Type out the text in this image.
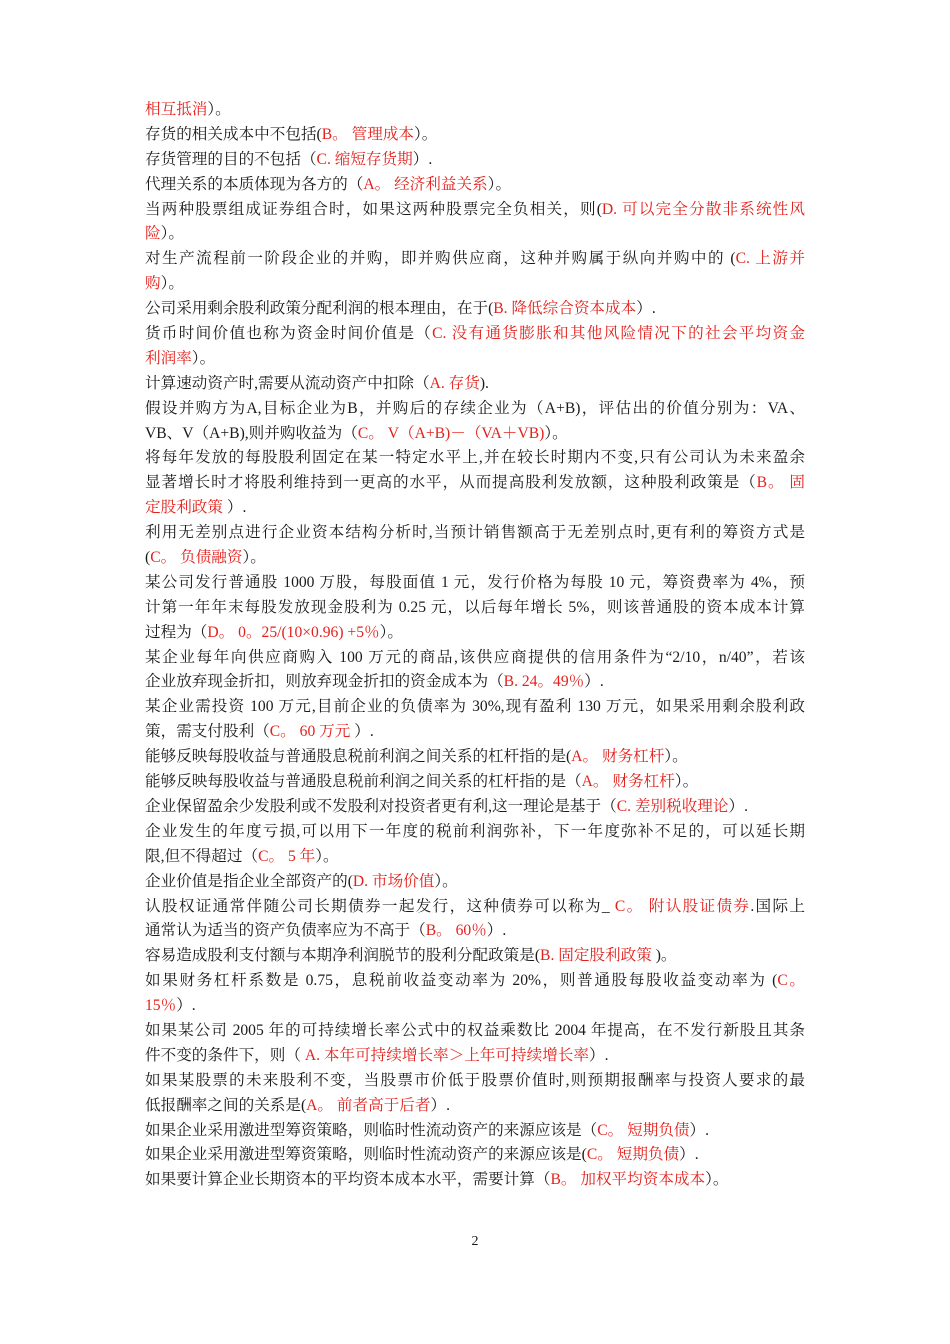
相互抵消）。
存货的相关成本中不包括(B。 管理成本）。
存货管理的目的不包括（C. 缩短存货期）.
代理关系的本质体现为各方的（A。 经济利益关系）。
当两种股票组成证券组合时，如果这两种股票完全负相关，则(D. 可以完全分散非系统性风
险）。
对生产流程前一阶段企业的并购，即并购供应商，这种并购属于纵向并购中的 (C. 上游并
购）。
公司采用剩余股利政策分配利润的根本理由，在于(B. 降低综合资本成本）.
货币时间价值也称为资金时间价值是（C. 没有通货膨胀和其他风险情况下的社会平均资金
利润率）。
计算速动资产时,需要从流动资产中扣除（A. 存货).
假设并购方为A,目标企业为B，并购后的存续企业为（A+B)，评估出的价值分别为：VA、
VB、V（A+B),则并购收益为（C。 V（A+B)－（VA＋VB)）。
将每年发放的每股股利固定在某一特定水平上,并在较长时期内不变,只有公司认为未来盈余
显著增长时才将股利维持到一更高的水平，从而提高股利发放额，这种股利政策是（B。 固
定股利政策 ）.
利用无差别点进行企业资本结构分析时,当预计销售额高于无差别点时,更有利的筹资方式是
(C。 负债融资）。
某公司发行普通股 1000 万股，每股面值 1 元，发行价格为每股 10 元，筹资费率为 4%，预
计第一年年末每股发放现金股利为 0.25 元，以后每年增长 5%，则该普通股的资本成本计算
过程为（D。 0。25/(10×0.96) +5％）。
某企业每年向供应商购入 100 万元的商品,该供应商提供的信用条件为“2/10，n/40”，若该
企业放弃现金折扣，则放弃现金折扣的资金成本为（B. 24。49％）.
某企业需投资 100 万元,目前企业的负债率为 30%,现有盈利 130 万元，如果采用剩余股利政
策，需支付股利（C。 60 万元 ）.
能够反映每股收益与普通股息税前利润之间关系的杠杆指的是(A。 财务杠杆）。
能够反映每股收益与普通股息税前利润之间关系的杠杆指的是（A。 财务杠杆）。
企业保留盈余少发股利或不发股利对投资者更有利,这一理论是基于（C. 差别税收理论）.
企业发生的年度亏损,可以用下一年度的税前利润弥补，下一年度弥补不足的，可以延长期
限,但不得超过（C。 5 年）。
企业价值是指企业全部资产的(D. 市场价值）。
认股权证通常伴随公司长期债券一起发行，这种债券可以称为_ C。 附认股证债券.国际上
通常认为适当的资产负债率应为不高于（B。 60％）.
容易造成股利支付额与本期净利润脱节的股利分配政策是(B. 固定股利政策 )。
如果财务杠杆系数是 0.75，息税前收益变动率为 20%，则普通股每股收益变动率为 (C。
15％）.
如果某公司 2005 年的可持续增长率公式中的权益乘数比 2004 年提高，在不发行新股且其条
件不变的条件下，则（ A. 本年可持续增长率＞上年可持续增长率）.
如果某股票的未来股利不变，当股票市价低于股票价值时,则预期报酬率与投资人要求的最
低报酬率之间的关系是(A。 前者高于后者）.
如果企业采用激进型筹资策略，则临时性流动资产的来源应该是（C。 短期负债）.
如果企业采用激进型筹资策略，则临时性流动资产的来源应该是(C。 短期负债）.
如果要计算企业长期资本的平均资本成本水平，需要计算（B。 加权平均资本成本）。
2
